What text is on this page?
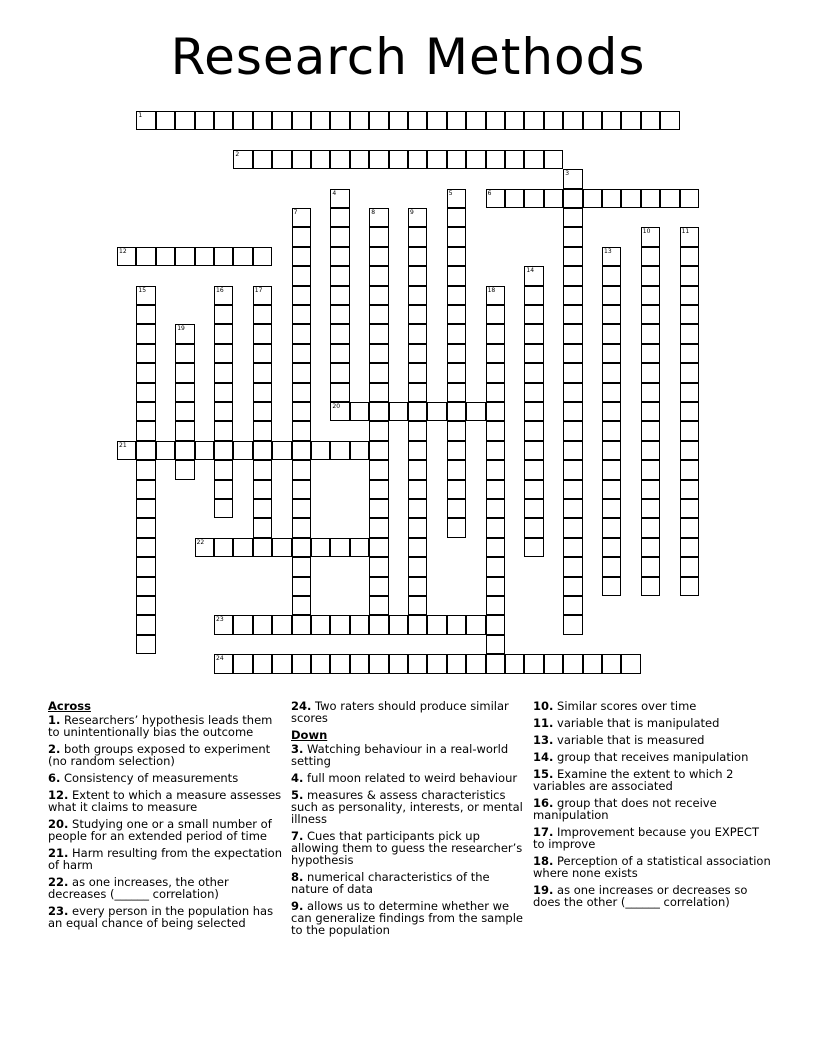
Research Methods
1
2
3
4	5	6
7	8	9
10	11
12	13
14
15	16	17	18
19
20
21
22
23
24
Across
1. Researchers’ hypothesis leads them to unintentionally bias the outcome
2. both groups exposed to experiment (no random selection)
6. Consistency of measurements
12. Extent to which a measure assesses what it claims to measure
20. Studying one or a small number of people for an extended period of time
21. Harm resulting from the expectation of harm
22. as one increases, the other decreases (______ correlation)
23. every person in the population has an equal chance of being selected
24. Two raters should produce similar scores
Down
3. Watching behaviour in a real-world setting
4. full moon related to weird behaviour
5. measures & assess characteristics such as personality, interests, or mental illness
7. Cues that participants pick up allowing them to guess the researcher’s hypothesis
8. numerical characteristics of the nature of data
9. allows us to determine whether we can generalize findings from the sample to the population
10. Similar scores over time
11. variable that is manipulated
13. variable that is measured
14. group that receives manipulation
15. Examine the extent to which 2 variables are associated
16. group that does not receive manipulation
17. Improvement because you EXPECT to improve
18. Perception of a statistical association where none exists
19. as one increases or decreases so does the other (______ correlation)
